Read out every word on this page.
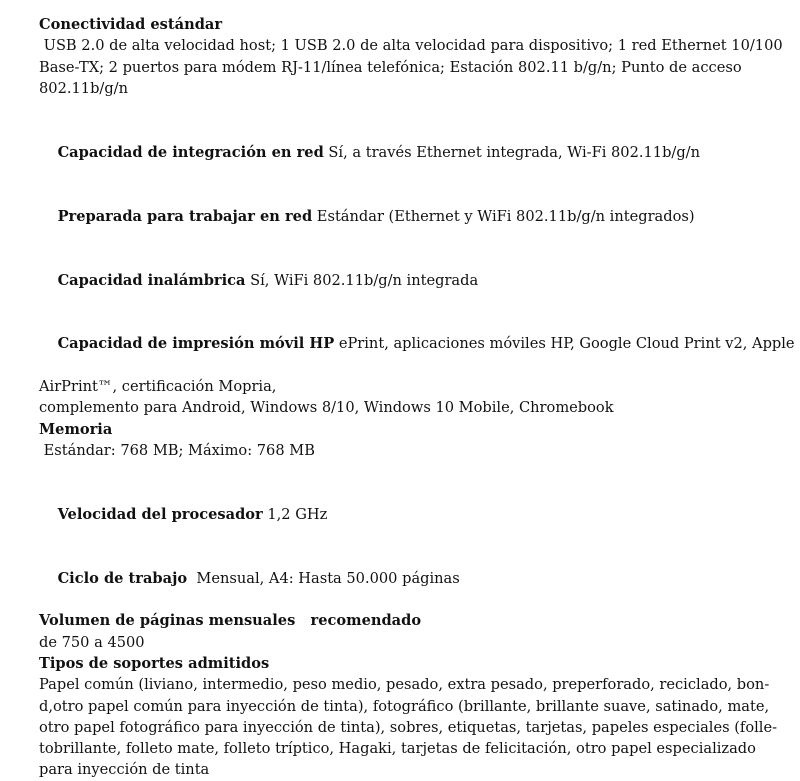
Conectividad estándar
USB 2.0 de alta velocidad host; 1 USB 2.0 de alta velocidad para dispositivo; 1 red Ethernet 10/100
Base-TX; 2 puertos para módem RJ-11/línea telefónica; Estación 802.11 b/g/n; Punto de acceso
802.11b/g/n

Capacidad de integración en red Sí, a través Ethernet integrada, Wi-Fi 802.11b/g/n

Preparada para trabajar en red Estándar (Ethernet y WiFi 802.11b/g/n integrados)

Capacidad inalámbrica Sí, WiFi 802.11b/g/n integrada

Capacidad de impresión móvil HP ePrint, aplicaciones móviles HP, Google Cloud Print v2, Apple

AirPrint™, certificación Mopria,
complemento para Android, Windows 8/10, Windows 10 Mobile, Chromebook
Memoria
Estándar: 768 MB; Máximo: 768 MB

Velocidad del procesador 1,2 GHz

Ciclo de trabajo  Mensual, A4: Hasta 50.000 páginas

Volumen de páginas mensuales   recomendado
de 750 a 4500
Tipos de soportes admitidos
Papel común (liviano, intermedio, peso medio, pesado, extra pesado, preperforado, reciclado, bon-
d,otro papel común para inyección de tinta), fotográfico (brillante, brillante suave, satinado, mate,
otro papel fotográfico para inyección de tinta), sobres, etiquetas, tarjetas, papeles especiales (folle-
tobrillante, folleto mate, folleto tríptico, Hagaki, tarjetas de felicitación, otro papel especializado
para inyección de tinta
